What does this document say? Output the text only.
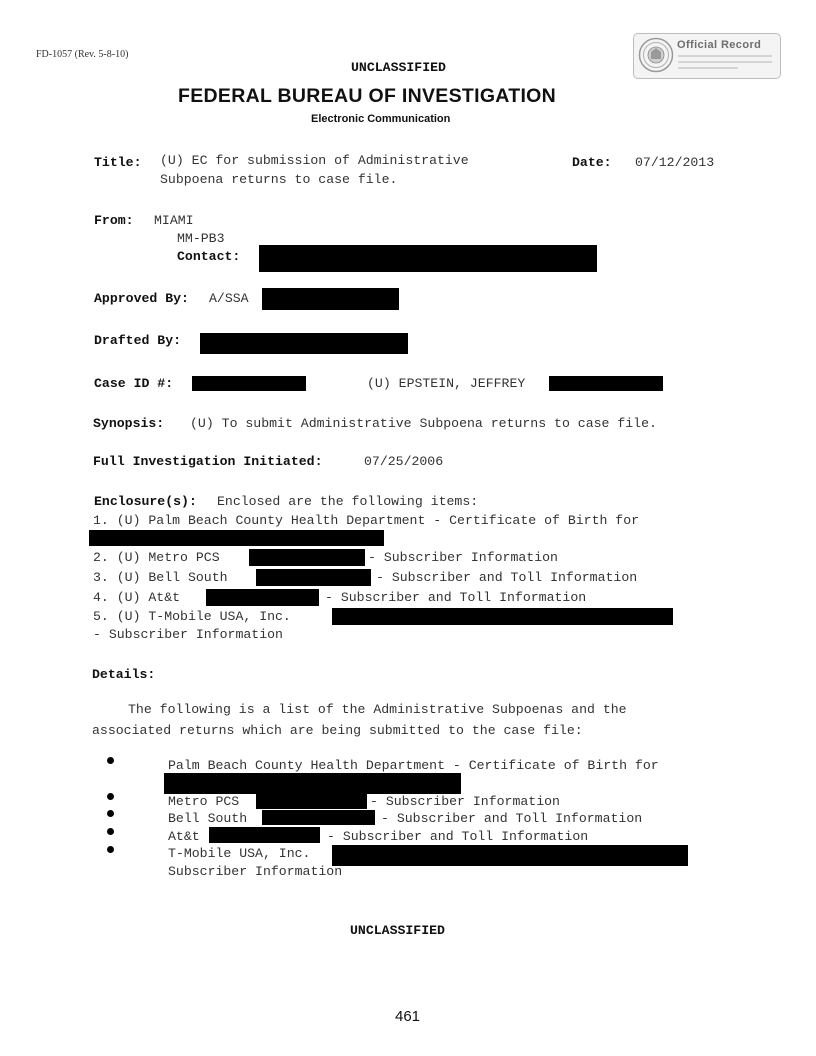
FD-1057 (Rev. 5-8-10)
UNCLASSIFIED
Official Record
FEDERAL BUREAU OF INVESTIGATION
Electronic Communication
Title: (U) EC for submission of Administrative
Subpoena returns to case file.
Date: 07/12/2013
From: MIAMI
MM-PB3
Contact:
Approved By: A/SSA
Drafted By:
Case ID #:	(U) EPSTEIN, JEFFREY
Synopsis: (U) To submit Administrative Subpoena returns to case file.
Full Investigation Initiated:	07/25/2006
Enclosure(s): Enclosed are the following items:
1. (U) Palm Beach County Health Department - Certificate of Birth for
2. (U) Metro PCS	- Subscriber Information
3. (U) Bell South	- Subscriber and Toll Information
4. (U) At&t	- Subscriber and Toll Information
5. (U) T-Mobile USA, Inc.
- Subscriber Information
Details:
The following is a list of the Administrative Subpoenas and the
associated returns which are being submitted to the case file:
Palm Beach County Health Department - Certificate of Birth for
Metro PCS	- Subscriber Information
Bell South	- Subscriber and Toll Information
At&t	- Subscriber and Toll Information
T-Mobile USA, Inc.
Subscriber Information
UNCLASSIFIED
461
